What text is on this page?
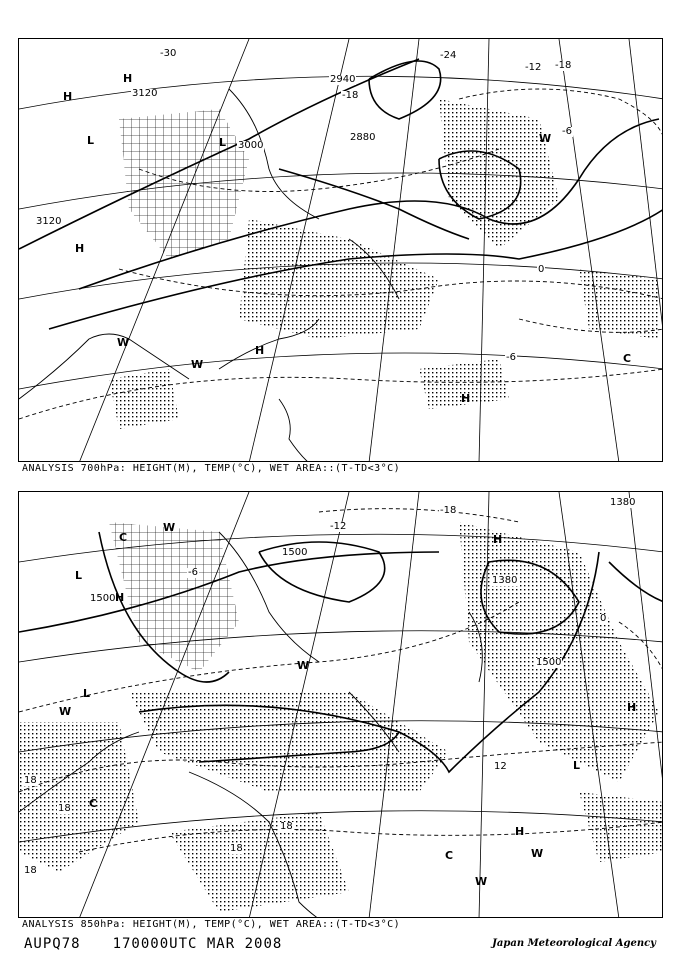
3120
3120
3000
2940
2880
-12 -18
-6
0
-6
-18
-24
-30
H
H
L	L
H
W
W
H
H
C
W
ANALYSIS 700hPa: HEIGHT(M), TEMP(°C), WET AREA::(T-TD<3°C)
1500
1500
1380
1380
1500
0
18
18
18
12
-6
-12
-18
18
18
W
L
L
W
H
H
W
C
W
L
H
C
H
W
C
ANALYSIS 850hPa: HEIGHT(M), TEMP(°C), WET AREA::(T-TD<3°C)
AUPQ78 170000UTC MAR 2008	Japan Meteorological Agency
